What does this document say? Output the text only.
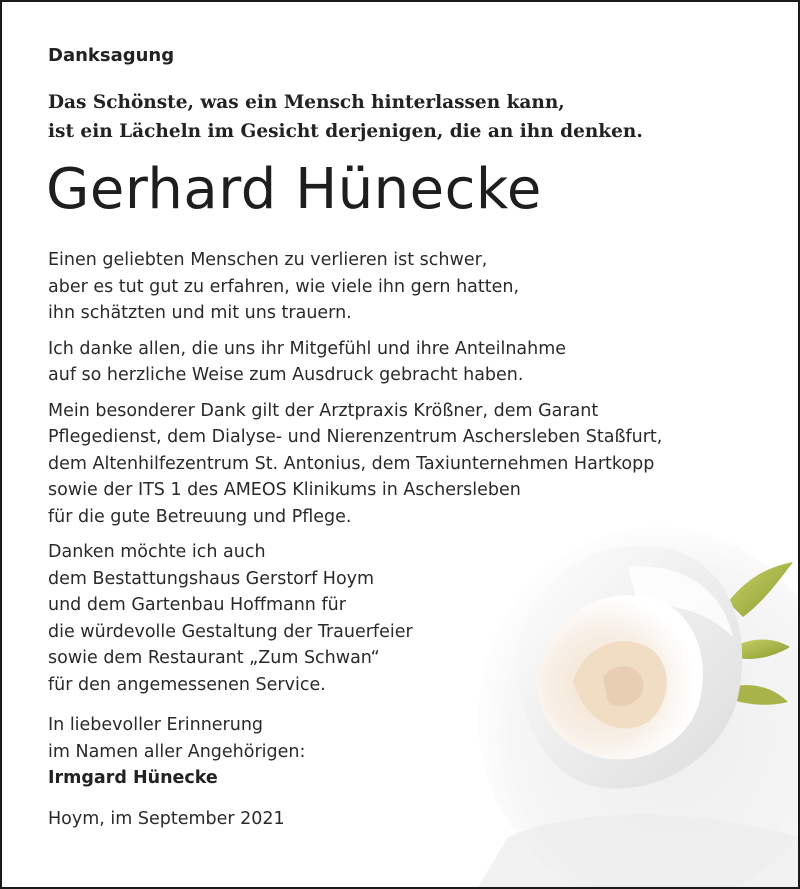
Danksagung
Das Schönste, was ein Mensch hinterlassen kann,
ist ein Lächeln im Gesicht derjenigen, die an ihn denken.
Gerhard Hünecke
Einen geliebten Menschen zu verlieren ist schwer,
aber es tut gut zu erfahren, wie viele ihn gern hatten,
ihn schätzten und mit uns trauern.
Ich danke allen, die uns ihr Mitgefühl und ihre Anteilnahme
auf so herzliche Weise zum Ausdruck gebracht haben.
Mein besonderer Dank gilt der Arztpraxis Krößner, dem Garant
Pflegedienst, dem Dialyse- und Nierenzentrum Aschersleben Staßfurt,
dem Altenhilfezentrum St. Antonius, dem Taxiunternehmen Hartkopp
sowie der ITS 1 des AMEOS Klinikums in Aschersleben
für die gute Betreuung und Pflege.
Danken möchte ich auch
dem Bestattungshaus Gerstorf Hoym
und dem Gartenbau Hoffmann für
die würdevolle Gestaltung der Trauerfeier
sowie dem Restaurant „Zum Schwan“
für den angemessenen Service.
In liebevoller Erinnerung
im Namen aller Angehörigen:
Irmgard Hünecke
Hoym, im September 2021
